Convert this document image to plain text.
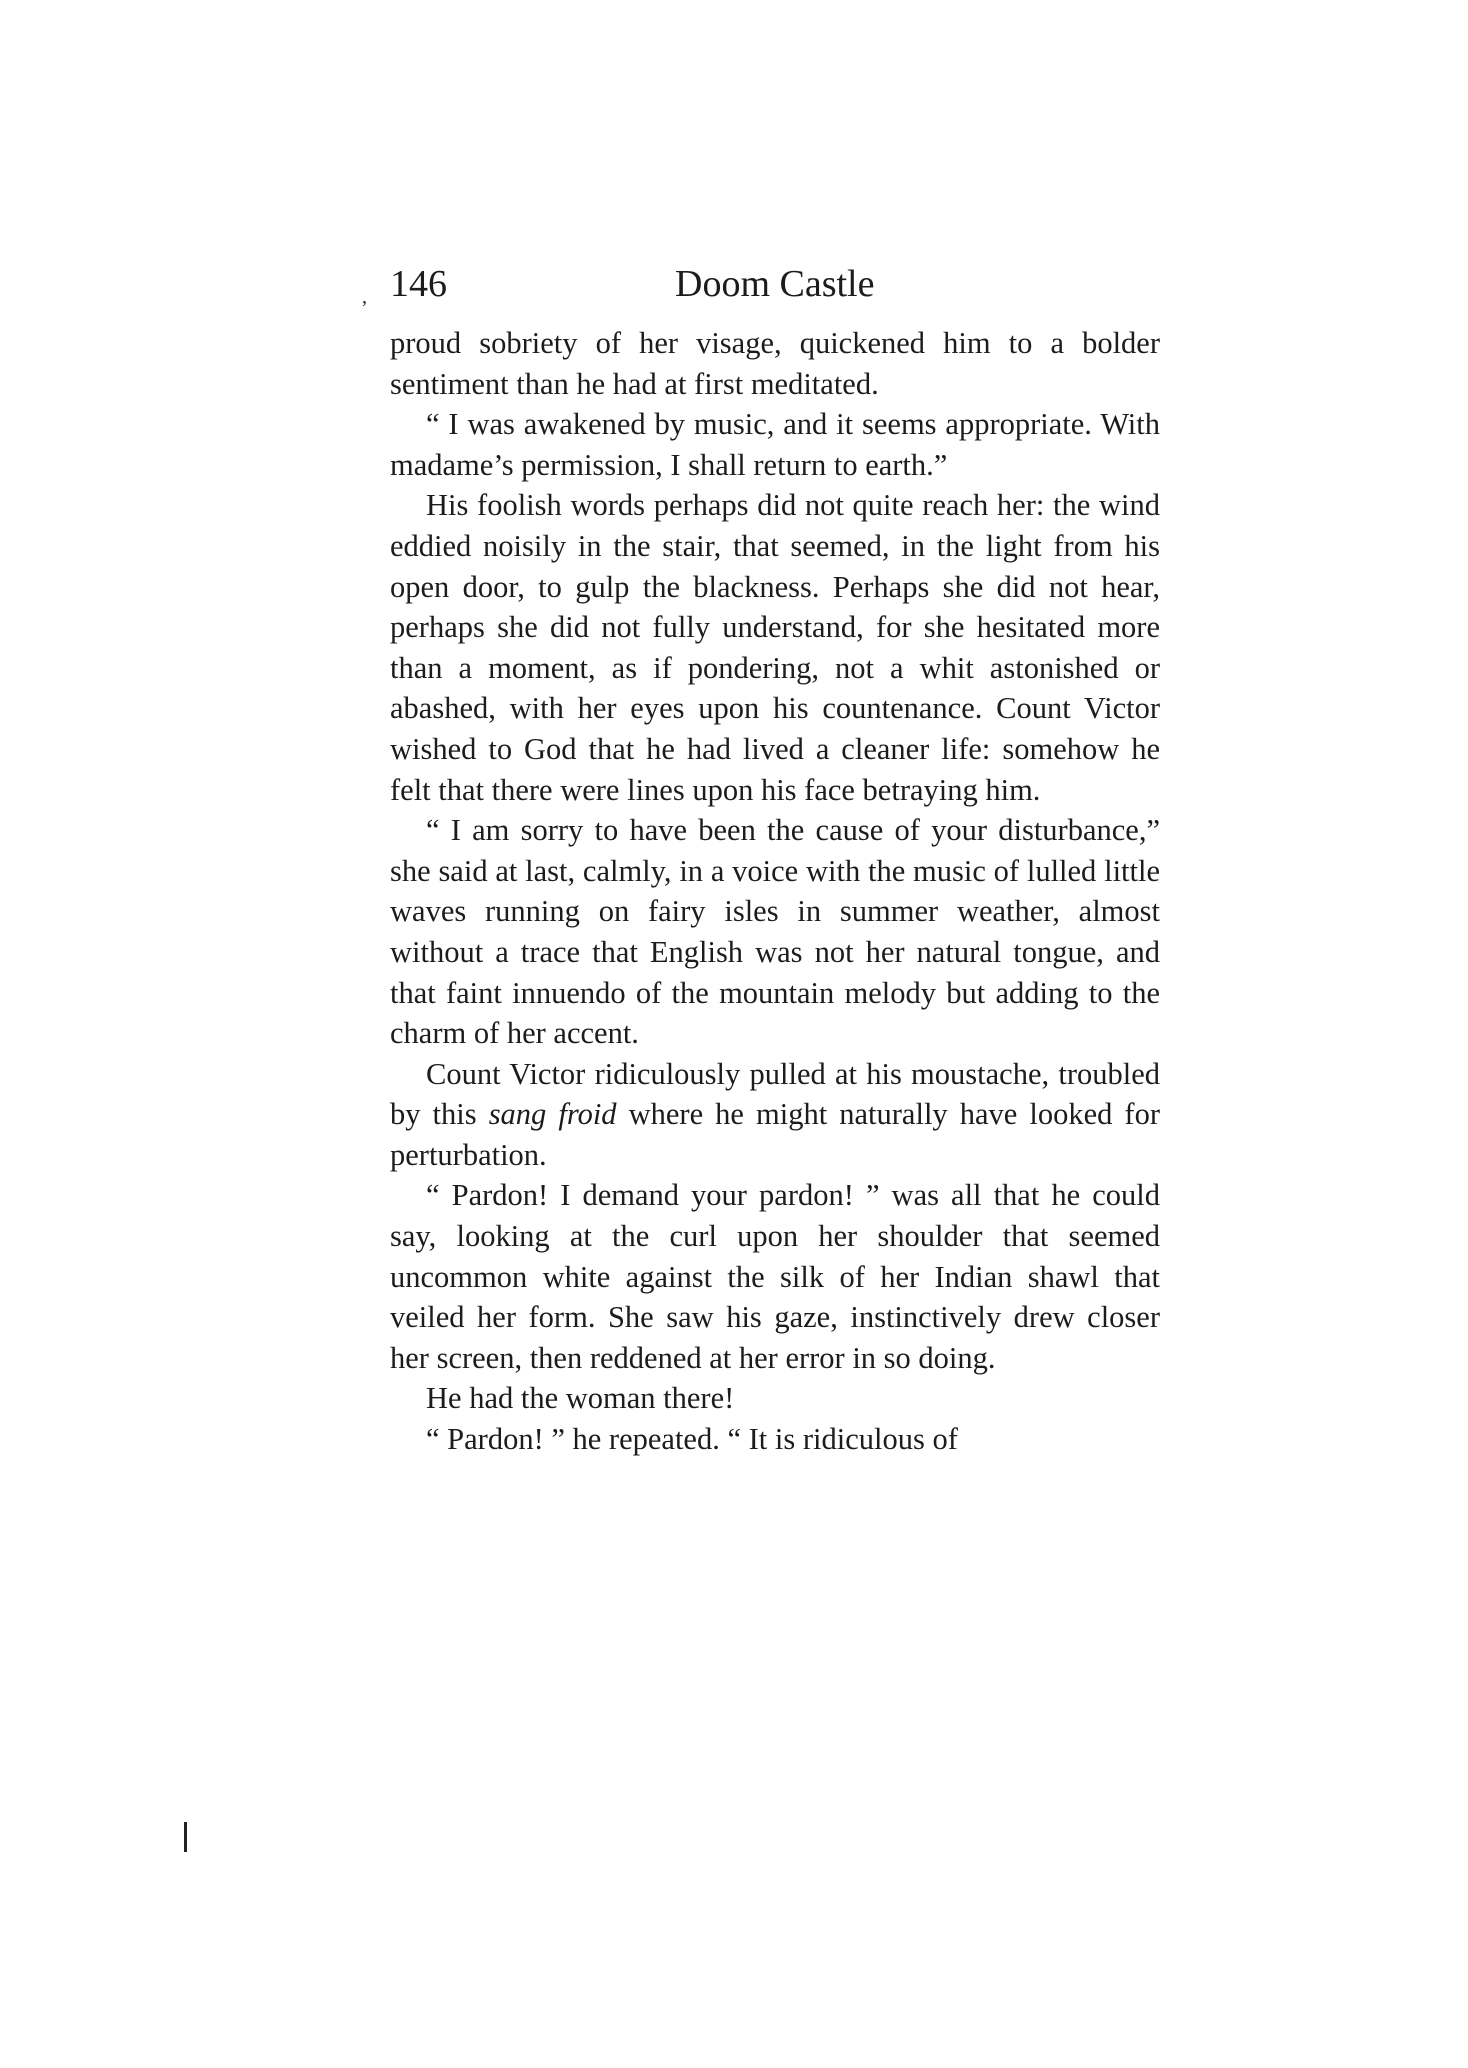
, 146	Doom Castle

proud sobriety of her visage, quickened him to a bolder sentiment than he had at first meditated.

“ I was awakened by music, and it seems appropriate. With madame’s permission, I shall return to earth.”

His foolish words perhaps did not quite reach her: the wind eddied noisily in the stair, that seemed, in the light from his open door, to gulp the blackness. Perhaps she did not hear, perhaps she did not fully understand, for she hesitated more than a moment, as if pondering, not a whit astonished or abashed, with her eyes upon his countenance. Count Victor wished to God that he had lived a cleaner life: somehow he felt that there were lines upon his face betraying him.

“ I am sorry to have been the cause of your disturbance,” she said at last, calmly, in a voice with the music of lulled little waves running on fairy isles in summer weather, almost without a trace that English was not her natural tongue, and that faint innuendo of the mountain melody but adding to the charm of her accent.

Count Victor ridiculously pulled at his moustache, troubled by this sang froid where he might naturally have looked for perturbation.

“ Pardon! I demand your pardon! ” was all that he could say, looking at the curl upon her shoulder that seemed uncommon white against the silk of her Indian shawl that veiled her form. She saw his gaze, instinctively drew closer her screen, then reddened at her error in so doing.

He had the woman there!

“ Pardon! ” he repeated. “ It is ridiculous of
